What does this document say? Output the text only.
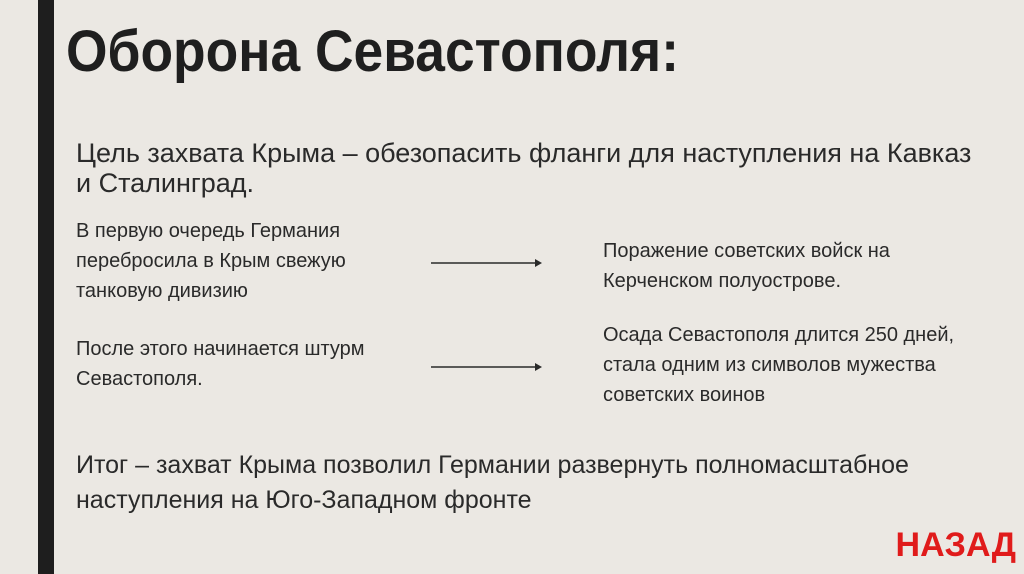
Оборона Севастополя:
Цель захвата Крыма – обезопасить фланги для наступления на Кавказ и Сталинград.
В первую очередь Германия перебросила в Крым свежую танковую дивизию
Поражение советских войск на Керченском полуострове.
После этого начинается штурм Севастополя.
Осада Севастополя длится 250 дней, стала одним из символов мужества советских воинов
Итог – захват Крыма позволил Германии развернуть полномасштабное наступления на Юго-Западном фронте
НАЗАД
